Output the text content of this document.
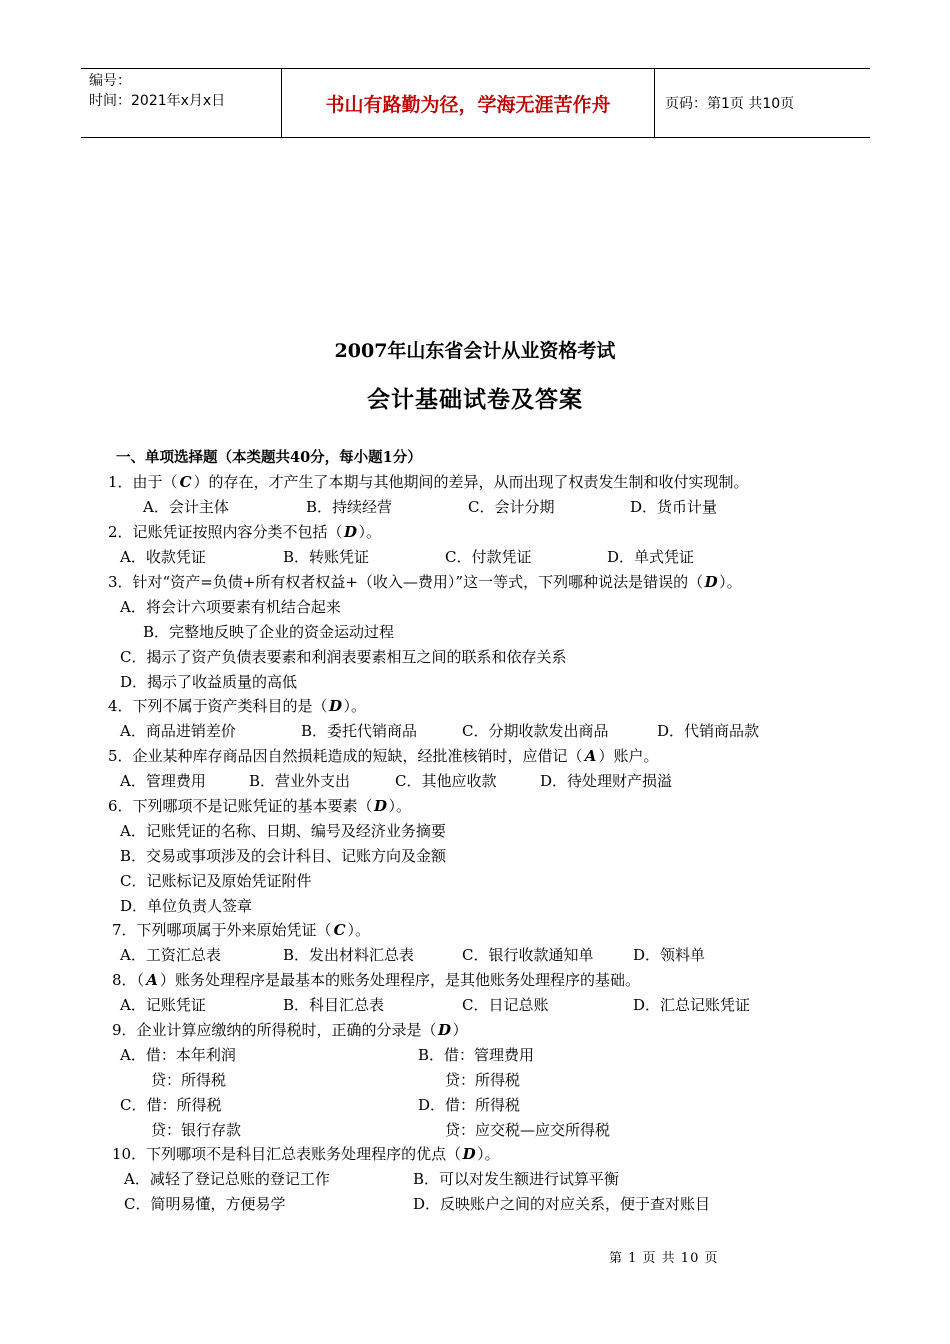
编号：
时间：2021年x月x日	书山有路勤为径，学海无涯苦作舟	页码：第1页 共10页
2007年山东省会计从业资格考试
会计基础试卷及答案
一、单项选择题（本类题共40分，每小题1分）
1．由于（ C ）的存在，才产生了本期与其他期间的差异，从而出现了权责发生制和收付实现制。
A．会计主体	B．持续经营	C．会计分期	D．货币计量
2．记账凭证按照内容分类不包括（D ）。
A．收款凭证	B．转账凭证	C．付款凭证	D．单式凭证
3．针对“资产=负债+所有权者权益+（收入—费用）”这一等式，下列哪种说法是错误的（D ）。
A．将会计六项要素有机结合起来
B．完整地反映了企业的资金运动过程
C．揭示了资产负债表要素和利润表要素相互之间的联系和依存关系
D．揭示了收益质量的高低
4．下列不属于资产类科目的是（D ）。
A．商品进销差价	B．委托代销商品	C．分期收款发出商品	D．代销商品款
5．企业某种库存商品因自然损耗造成的短缺，经批准核销时，应借记（ A ）账户。
A．管理费用	B．营业外支出	C．其他应收款	D．待处理财产损溢
6．下列哪项不是记账凭证的基本要素（D ）。
A．记账凭证的名称、日期、编号及经济业务摘要
B．交易或事项涉及的会计科目、记账方向及金额
C．记账标记及原始凭证附件
D．单位负责人签章
7．下列哪项属于外来原始凭证（ C ）。
A．工资汇总表	B．发出材料汇总表	C．银行收款通知单	D．领料单
8．（ A ）账务处理程序是最基本的账务处理程序，是其他账务处理程序的基础。
A．记账凭证	B．科目汇总表	C．日记总账	D．汇总记账凭证
9．企业计算应缴纳的所得税时，正确的分录是（D ）
A．借：本年利润	B．借：管理费用
贷：所得税	贷：所得税
C．借：所得税	D．借：所得税
贷：银行存款	贷：应交税—应交所得税
10．下列哪项不是科目汇总表账务处理程序的优点（D ）。
A．减轻了登记总账的登记工作	B．可以对发生额进行试算平衡
C．简明易懂，方便易学	D．反映账户之间的对应关系，便于查对账目
第 1 页 共 10 页
